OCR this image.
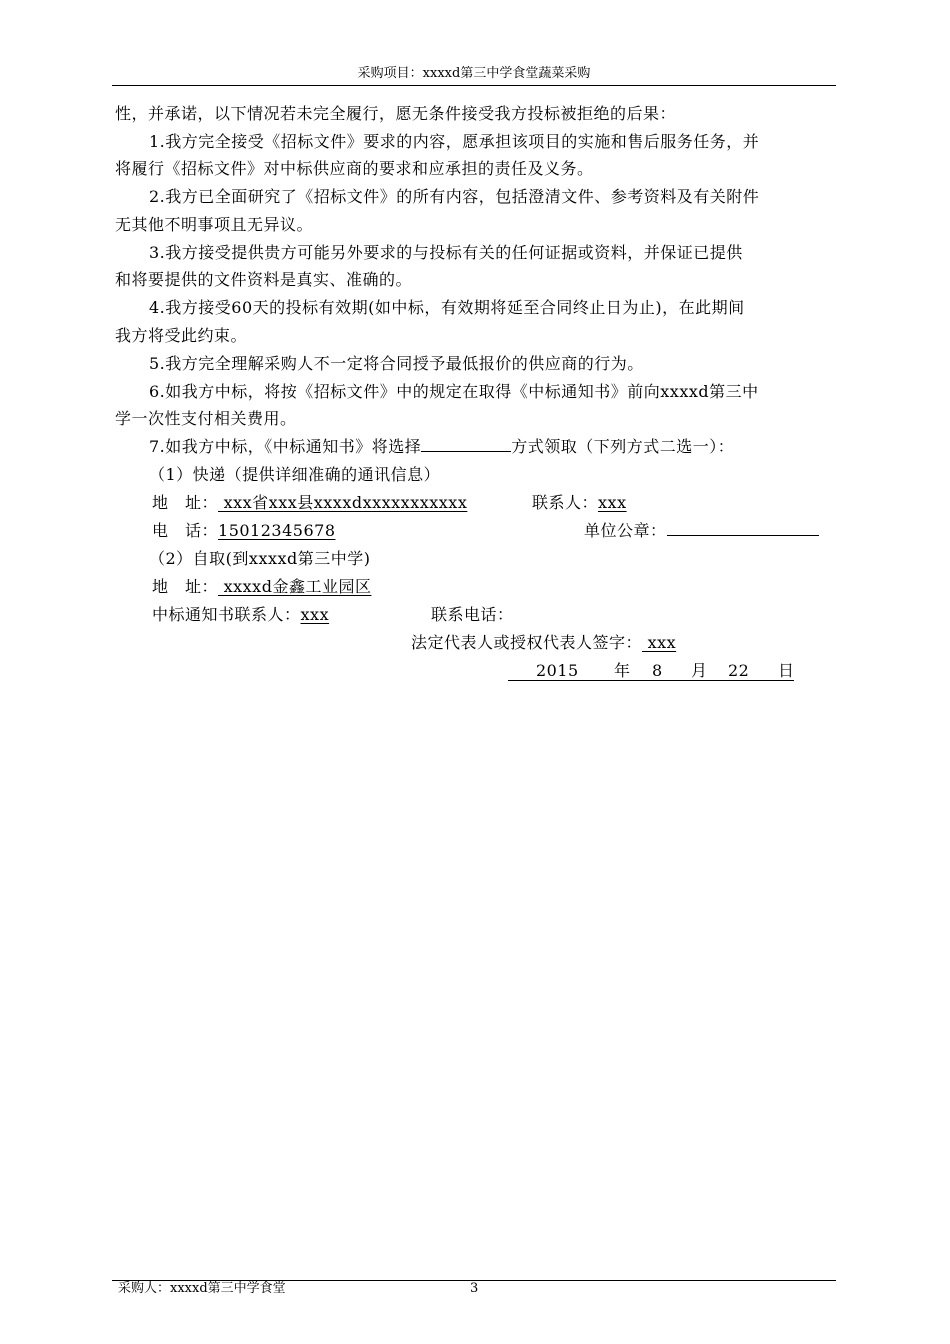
采购项目：xxxxd第三中学食堂蔬菜采购
性，并承诺，以下情况若未完全履行，愿无条件接受我方投标被拒绝的后果：
1.我方完全接受《招标文件》要求的内容，愿承担该项目的实施和售后服务任务，并
将履行《招标文件》对中标供应商的要求和应承担的责任及义务。
2.我方已全面研究了《招标文件》的所有内容，包括澄清文件、参考资料及有关附件
无其他不明事项且无异议。
3.我方接受提供贵方可能另外要求的与投标有关的任何证据或资料，并保证已提供
和将要提供的文件资料是真实、准确的。
4.我方接受60天的投标有效期(如中标，有效期将延至合同终止日为止)，在此期间
我方将受此约束。
5.我方完全理解采购人不一定将合同授予最低报价的供应商的行为。
6.如我方中标，将按《招标文件》中的规定在取得《中标通知书》前向xxxxd第三中
学一次性支付相关费用。
7.如我方中标，《中标通知书》将选择	方式领取（下列方式二选一）：
（1）快递（提供详细准确的通讯信息）
地　址： xxx省xxx县xxxxdxxxxxxxxxxx	联系人：xxx
电　话：15012345678	单位公章：
（2）自取(到xxxxd第三中学)
地　址： xxxxd金鑫工业园区
中标通知书联系人：xxx	联系电话：
法定代表人或授权代表人签字： xxx
2015 年 8 月 22 日
采购人：xxxxd第三中学食堂	3
